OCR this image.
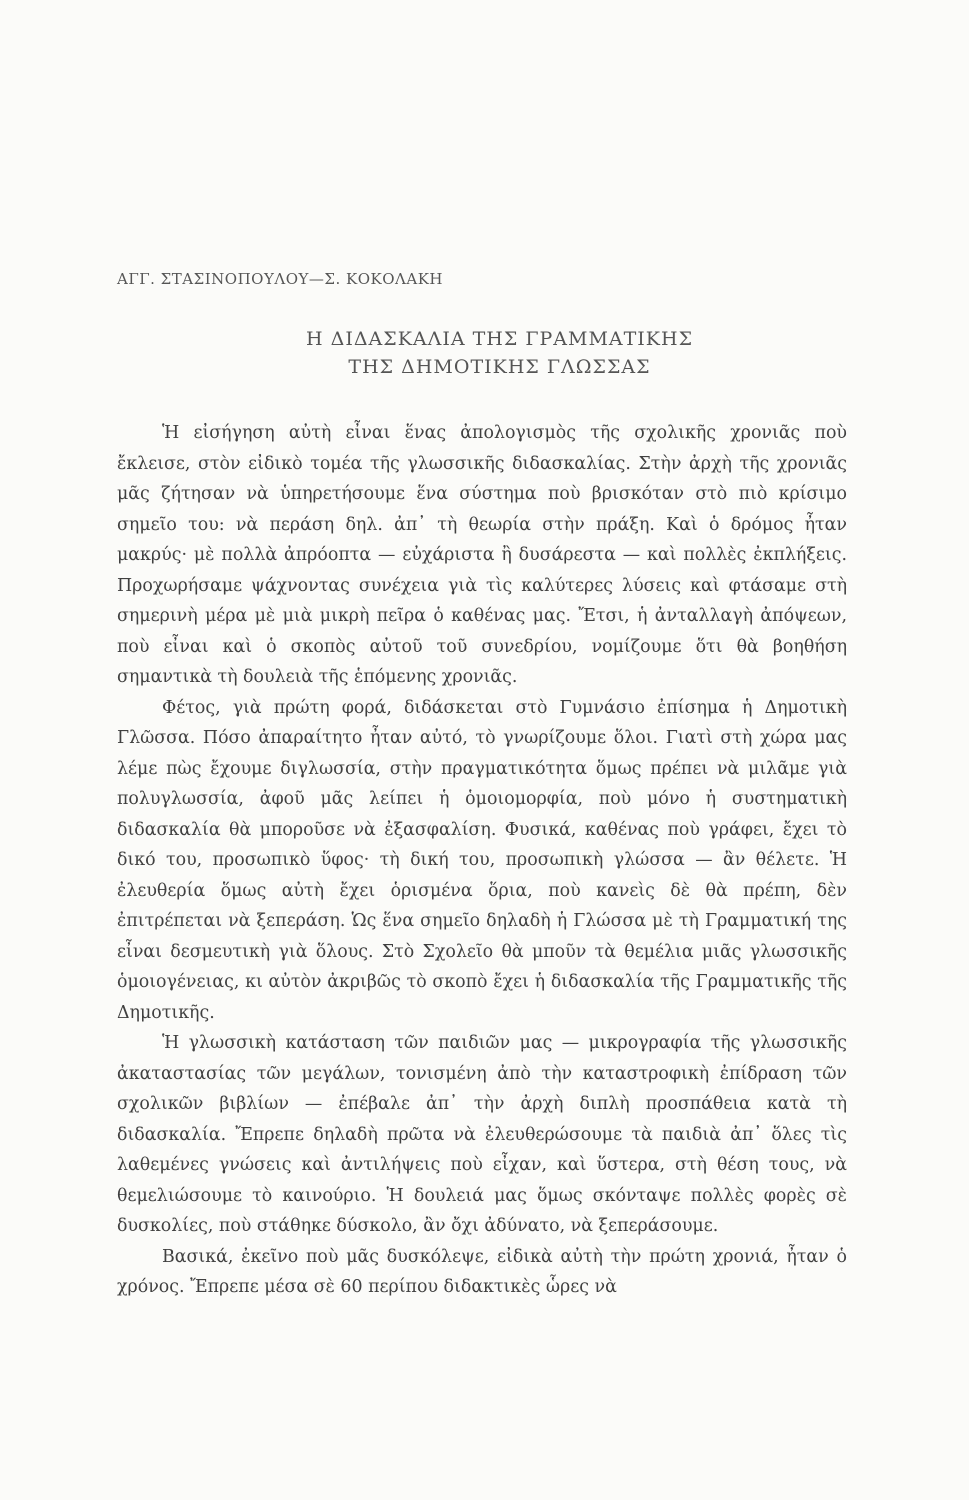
ΑΓΓ. ΣΤΑΣΙΝΟΠΟΥΛΟΥ—Σ. ΚΟΚΟΛΑΚΗ
Η ΔΙΔΑΣΚΑΛΙΑ ΤΗΣ ΓΡΑΜΜΑΤΙΚΗΣ
ΤΗΣ ΔΗΜΟΤΙΚΗΣ ΓΛΩΣΣΑΣ

Ἡ εἰσήγηση αὐτὴ εἶναι ἕνας ἀπολογισμὸς τῆς σχολικῆς χρονιᾶς ποὺ ἔκλεισε, στὸν εἰδικὸ τομέα τῆς γλωσσικῆς διδασκαλίας. Στὴν ἀρχὴ τῆς χρονιᾶς μᾶς ζήτησαν νὰ ὑπηρετήσουμε ἕνα σύστημα ποὺ βρισκόταν στὸ πιὸ κρίσιμο σημεῖο του: νὰ περάση δηλ. ἀπ᾽ τὴ θεωρία στὴν πράξη. Καὶ ὁ δρόμος ἦταν μακρύς· μὲ πολλὰ ἀπρόοπτα — εὐχάριστα ἢ δυσάρεστα — καὶ πολλὲς ἐκπλήξεις. Προχωρήσαμε ψάχνοντας συνέχεια γιὰ τὶς καλύτερες λύσεις καὶ φτάσαμε στὴ σημερινὴ μέρα μὲ μιὰ μικρὴ πεῖρα ὁ καθένας μας. Ἔτσι, ἡ ἀνταλλαγὴ ἀπόψεων, ποὺ εἶναι καὶ ὁ σκοπὸς αὐτοῦ τοῦ συνεδρίου, νομίζουμε ὅτι θὰ βοηθήση σημαντικὰ τὴ δουλειὰ τῆς ἑπόμενης χρονιᾶς.

Φέτος, γιὰ πρώτη φορά, διδάσκεται στὸ Γυμνάσιο ἐπίσημα ἡ Δημοτικὴ Γλῶσσα. Πόσο ἀπαραίτητο ἦταν αὐτό, τὸ γνωρίζουμε ὅλοι. Γιατὶ στὴ χώρα μας λέμε πὼς ἔχουμε διγλωσσία, στὴν πραγματικότητα ὅμως πρέπει νὰ μιλᾶμε γιὰ πολυγλωσσία, ἀφοῦ μᾶς λείπει ἡ ὁμοιομορφία, ποὺ μόνο ἡ συστηματικὴ διδασκαλία θὰ μποροῦσε νὰ ἐξασφαλίση. Φυσικά, καθένας ποὺ γράφει, ἔχει τὸ δικό του, προσωπικὸ ὕφος· τὴ δική του, προσωπικὴ γλώσσα — ἂν θέλετε. Ἡ ἐλευθερία ὅμως αὐτὴ ἔχει ὁρισμένα ὅρια, ποὺ κανεὶς δὲ θὰ πρέπη, δὲν ἐπιτρέπεται νὰ ξεπεράση. Ὡς ἕνα σημεῖο δηλαδὴ ἡ Γλώσσα μὲ τὴ Γραμματική της εἶναι δεσμευτικὴ γιὰ ὅλους. Στὸ Σχολεῖο θὰ μποῦν τὰ θεμέλια μιᾶς γλωσσικῆς ὁμοιογένειας, κι αὐτὸν ἀκριβῶς τὸ σκοπὸ ἔχει ἡ διδασκαλία τῆς Γραμματικῆς τῆς Δημοτικῆς.

Ἡ γλωσσικὴ κατάσταση τῶν παιδιῶν μας — μικρογραφία τῆς γλωσσικῆς ἀκαταστασίας τῶν μεγάλων, τονισμένη ἀπὸ τὴν καταστροφικὴ ἐπίδραση τῶν σχολικῶν βιβλίων — ἐπέβαλε ἀπ᾽ τὴν ἀρχὴ διπλὴ προσπάθεια κατὰ τὴ διδασκαλία. Ἔπρεπε δηλαδὴ πρῶτα νὰ ἐλευθερώσουμε τὰ παιδιὰ ἀπ᾽ ὅλες τὶς λαθεμένες γνώσεις καὶ ἀντιλήψεις ποὺ εἶχαν, καὶ ὕστερα, στὴ θέση τους, νὰ θεμελιώσουμε τὸ καινούριο. Ἡ δουλειά μας ὅμως σκόνταψε πολλὲς φορὲς σὲ δυσκολίες, ποὺ στάθηκε δύσκολο, ἂν ὄχι ἀδύνατο, νὰ ξεπεράσουμε.

Βασικά, ἐκεῖνο ποὺ μᾶς δυσκόλεψε, εἰδικὰ αὐτὴ τὴν πρώτη χρονιά, ἦταν ὁ χρόνος. Ἔπρεπε μέσα σὲ 60 περίπου διδακτικὲς ὧρες νὰ
